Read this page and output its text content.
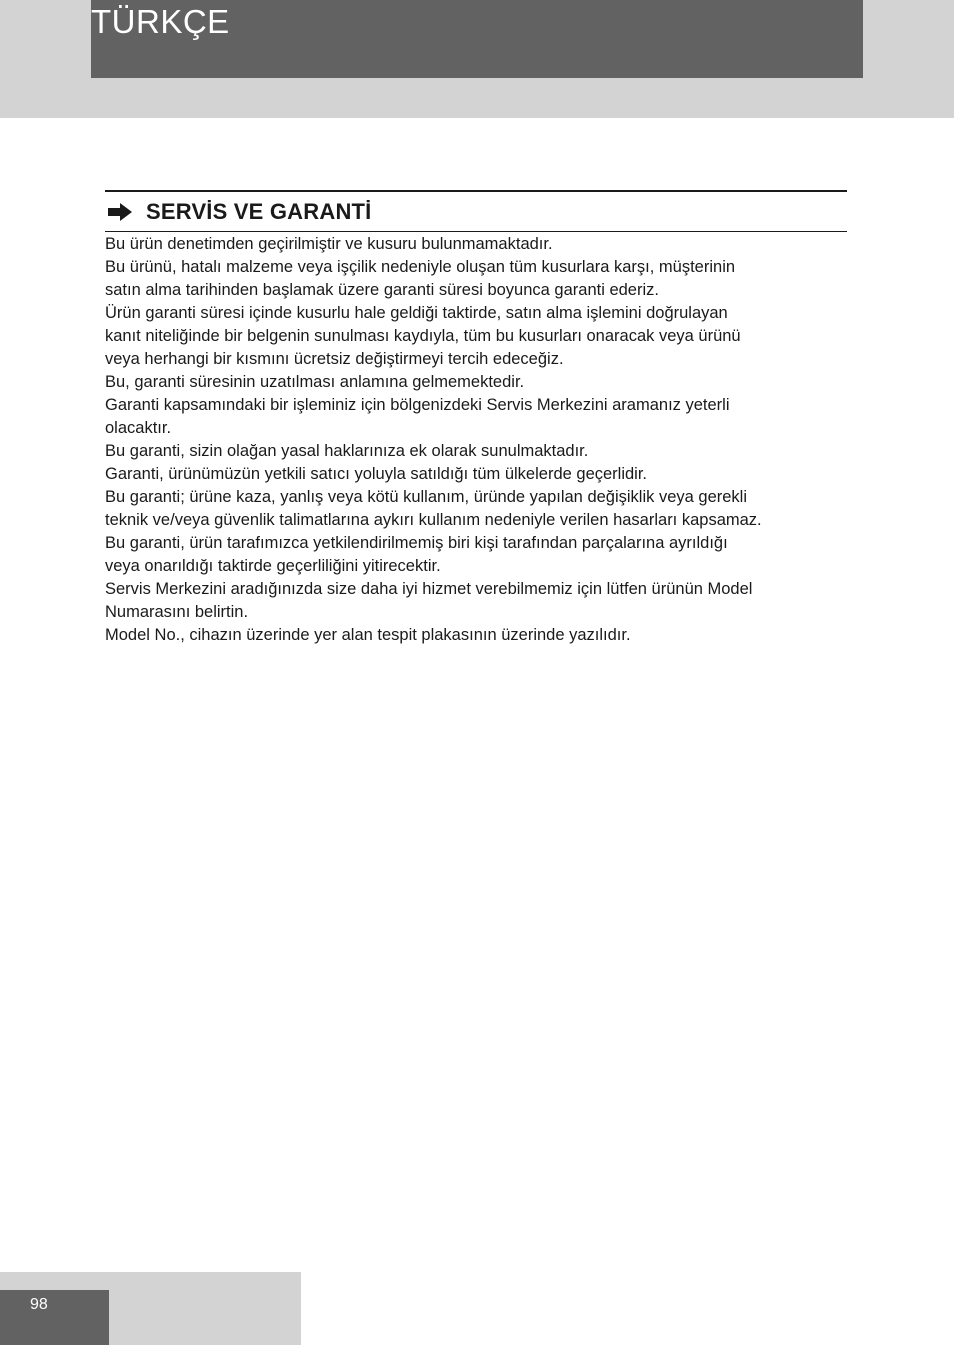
TÜRKÇE
SERVİS VE GARANTİ

Bu ürün denetimden geçirilmiştir ve kusuru bulunmamaktadır.

Bu ürünü, hatalı malzeme veya işçilik nedeniyle oluşan tüm kusurlara karşı, müşterinin

satın alma tarihinden başlamak üzere garanti süresi boyunca garanti ederiz.

Ürün garanti süresi içinde kusurlu hale geldiği taktirde, satın alma işlemini doğrulayan

kanıt niteliğinde bir belgenin sunulması kaydıyla, tüm bu kusurları onaracak veya ürünü

veya herhangi bir kısmını ücretsiz değiştirmeyi tercih edeceğiz.

Bu, garanti süresinin uzatılması anlamına gelmemektedir.

Garanti kapsamındaki bir işleminiz için bölgenizdeki Servis Merkezini aramanız yeterli

olacaktır.

Bu garanti, sizin olağan yasal haklarınıza ek olarak sunulmaktadır.

Garanti, ürünümüzün yetkili satıcı yoluyla satıldığı tüm ülkelerde geçerlidir.

Bu garanti; ürüne kaza, yanlış veya kötü kullanım, üründe yapılan değişiklik veya gerekli

teknik ve/veya güvenlik talimatlarına aykırı kullanım nedeniyle verilen hasarları kapsamaz.

Bu garanti, ürün tarafımızca yetkilendirilmemiş biri kişi tarafından parçalarına ayrıldığı

veya onarıldığı taktirde geçerliliğini yitirecektir.

Servis Merkezini aradığınızda size daha iyi hizmet verebilmemiz için lütfen ürünün Model

Numarasını belirtin.

Model No., cihazın üzerinde yer alan tespit plakasının üzerinde yazılıdır.

98
